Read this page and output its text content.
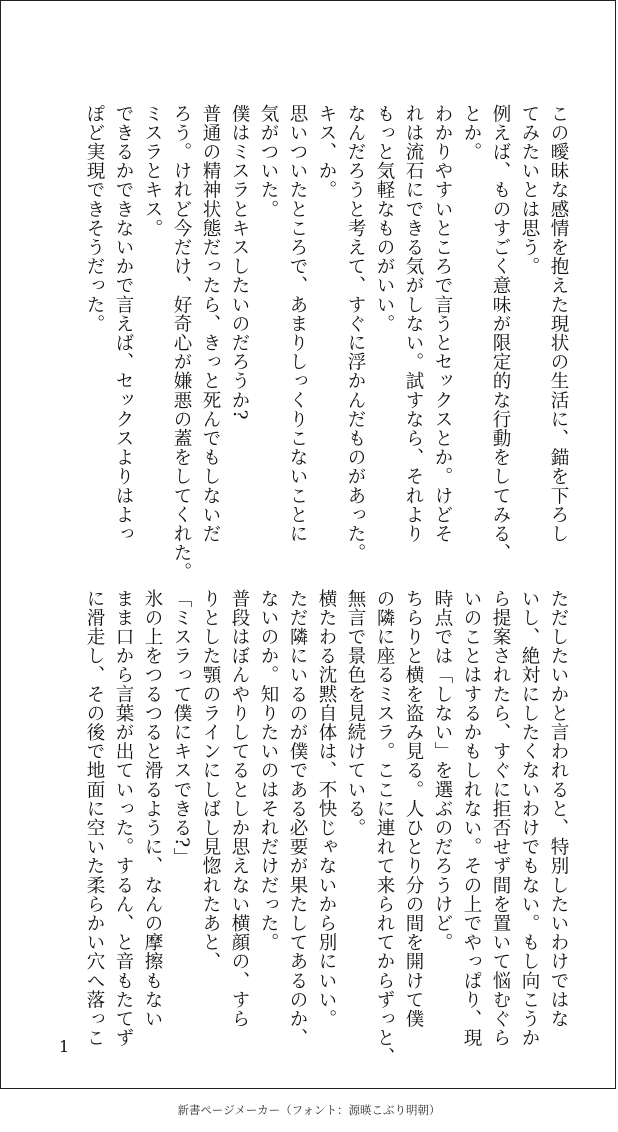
この曖昧な感情を抱えた現状の生活に、錨を下ろし

てみたいとは思う。

例えば、ものすごく意味が限定的な行動をしてみる、

とか。

わかりやすいところで言うとセックスとか。けどそ

れは流石にできる気がしない。試すなら、それより

もっと気軽なものがいい。

なんだろうと考えて、すぐに浮かんだものがあった。

キス、か。

思いついたところで、あまりしっくりこないことに

気がついた。

僕はミスラとキスしたいのだろうか?

普通の精神状態だったら、きっと死んでもしないだ

ろう。けれど今だけ、好奇心が嫌悪の蓋をしてくれた。

ミスラとキス。

できるかできないかで言えば、セックスよりはよっ

ぽど実現できそうだった。

ただしたいかと言われると、特別したいわけではな

いし、絶対にしたくないわけでもない。もし向こうか

ら提案されたら、すぐに拒否せず間を置いて悩むぐら

いのことはするかもしれない。その上でやっぱり、現

時点では「しない」を選ぶのだろうけど。

ちらりと横を盗み見る。人ひとり分の間を開けて僕

の隣に座るミスラ。ここに連れて来られてからずっと、

無言で景色を見続けている。

横たわる沈黙自体は、不快じゃないから別にいい。

ただ隣にいるのが僕である必要が果たしてあるのか、

ないのか。知りたいのはそれだけだった。

普段はぼんやりしてるとしか思えない横顔の、すら

りとした顎のラインにしばし見惚れたあと、

「ミスラって僕にキスできる?」

氷の上をつるつると滑るように、なんの摩擦もない

まま口から言葉が出ていった。するん、と音もたてず

に滑走し、その後で地面に空いた柔らかい穴へ落っこ

1
新書ページメーカー（フォント：源暎こぶり明朝）
